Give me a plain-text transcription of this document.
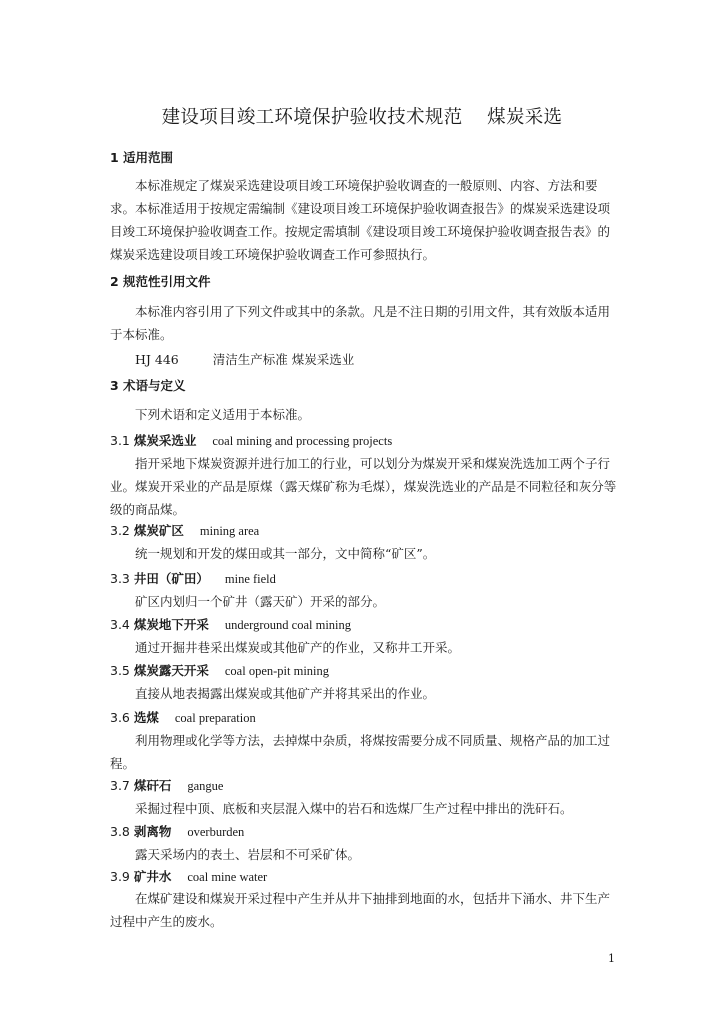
建设项目竣工环境保护验收技术规范    煤炭采选
1 适用范围
本标准规定了煤炭采选建设项目竣工环境保护验收调查的一般原则、内容、方法和要求。 本标准适用于按规定需编制《建设项目竣工环境保护验收调查报告》的煤炭采选建设项目竣工环境保护验收调查工作。按规定需填制《建设项目竣工环境保护验收调查报告表》的煤炭采选建设项目竣工环境保护验收调查工作可参照执行。
2 规范性引用文件
本标准内容引用了下列文件或其中的条款。凡是不注日期的引用文件，其有效版本适用于本标准。
HJ 446	清洁生产标准 煤炭采选业
3 术语与定义
下列术语和定义适用于本标准。
3.1 煤炭采选业 coal mining and processing projects
指开采地下煤炭资源并进行加工的行业，可以划分为煤炭开采和煤炭洗选加工两个子行业。煤炭开采业的产品是原煤（露天煤矿称为毛煤），煤炭洗选业的产品是不同粒径和灰分等级的商品煤。
3.2 煤炭矿区 mining area
统一规划和开发的煤田或其一部分，文中简称“矿区”。
3.3 井田（矿田） mine field
矿区内划归一个矿井（露天矿）开采的部分。
3.4 煤炭地下开采 underground coal mining
通过开掘井巷采出煤炭或其他矿产的作业，又称井工开采。
3.5 煤炭露天开采 coal open-pit mining
直接从地表揭露出煤炭或其他矿产并将其采出的作业。
3.6 选煤 coal preparation
利用物理或化学等方法，去掉煤中杂质，将煤按需要分成不同质量、规格产品的加工过程。
3.7 煤矸石 gangue
采掘过程中顶、底板和夹层混入煤中的岩石和选煤厂生产过程中排出的洗矸石。
3.8 剥离物 overburden
露天采场内的表土、岩层和不可采矿体。
3.9 矿井水 coal mine water
在煤矿建设和煤炭开采过程中产生并从井下抽排到地面的水，包括井下涌水、井下生产过程中产生的废水。
1
